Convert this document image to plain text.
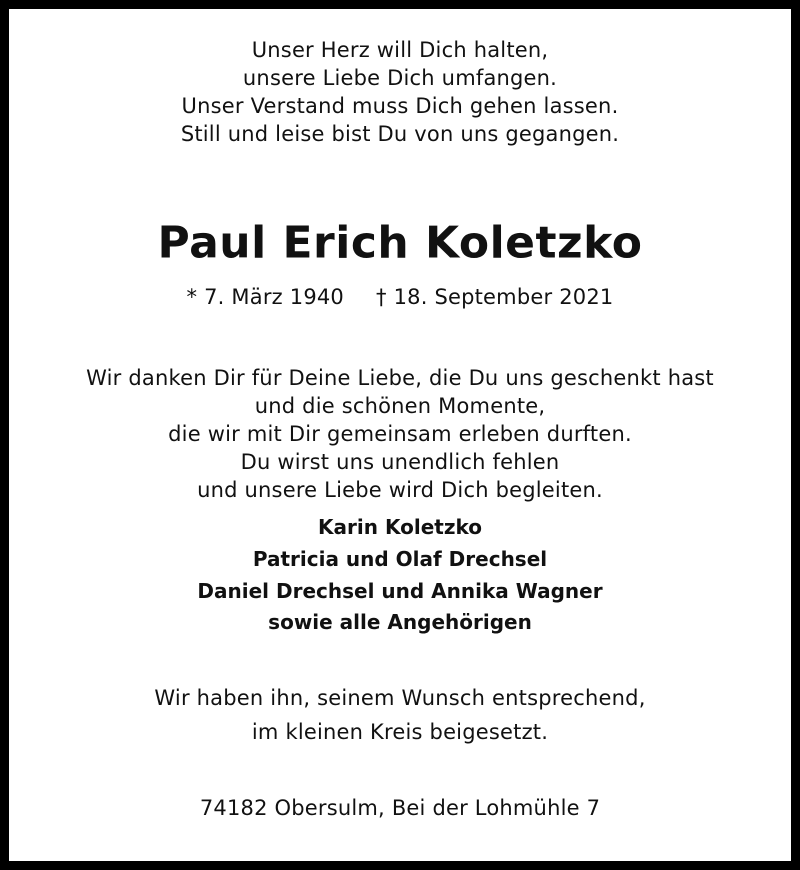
Unser Herz will Dich halten,
unsere Liebe Dich umfangen.
Unser Verstand muss Dich gehen lassen.
Still und leise bist Du von uns gegangen.
Paul Erich Koletzko
* 7. März 1940 † 18. September 2021
Wir danken Dir für Deine Liebe, die Du uns geschenkt hast
und die schönen Momente,
die wir mit Dir gemeinsam erleben durften.
Du wirst uns unendlich fehlen
und unsere Liebe wird Dich begleiten.
Karin Koletzko
Patricia und Olaf Drechsel
Daniel Drechsel und Annika Wagner
sowie alle Angehörigen
Wir haben ihn, seinem Wunsch entsprechend,
im kleinen Kreis beigesetzt.
74182 Obersulm, Bei der Lohmühle 7
